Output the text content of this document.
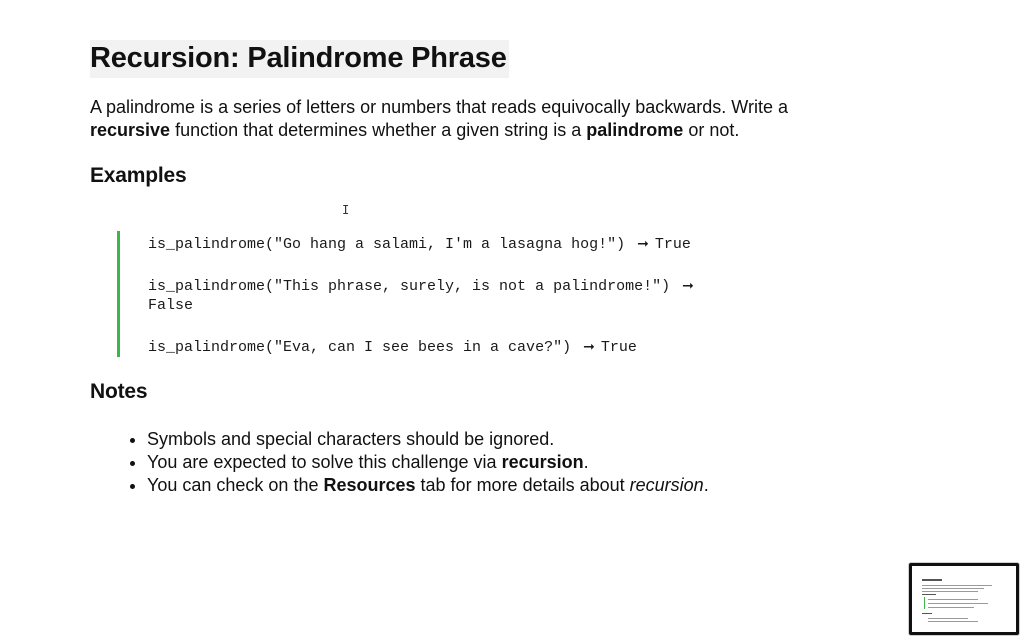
Recursion: Palindrome Phrase

A palindrome is a series of letters or numbers that reads equivocally backwards. Write a recursive function that determines whether a given string is a palindrome or not.

Examples
I
is_palindrome("Go hang a salami, I'm a lasagna hog!") ➞ True
is_palindrome("This phrase, surely, is not a palindrome!") ➞
False
is_palindrome("Eva, can I see bees in a cave?") ➞ True
Notes
• Symbols and special characters should be ignored.
• You are expected to solve this challenge via recursion.
• You can check on the Resources tab for more details about recursion.
